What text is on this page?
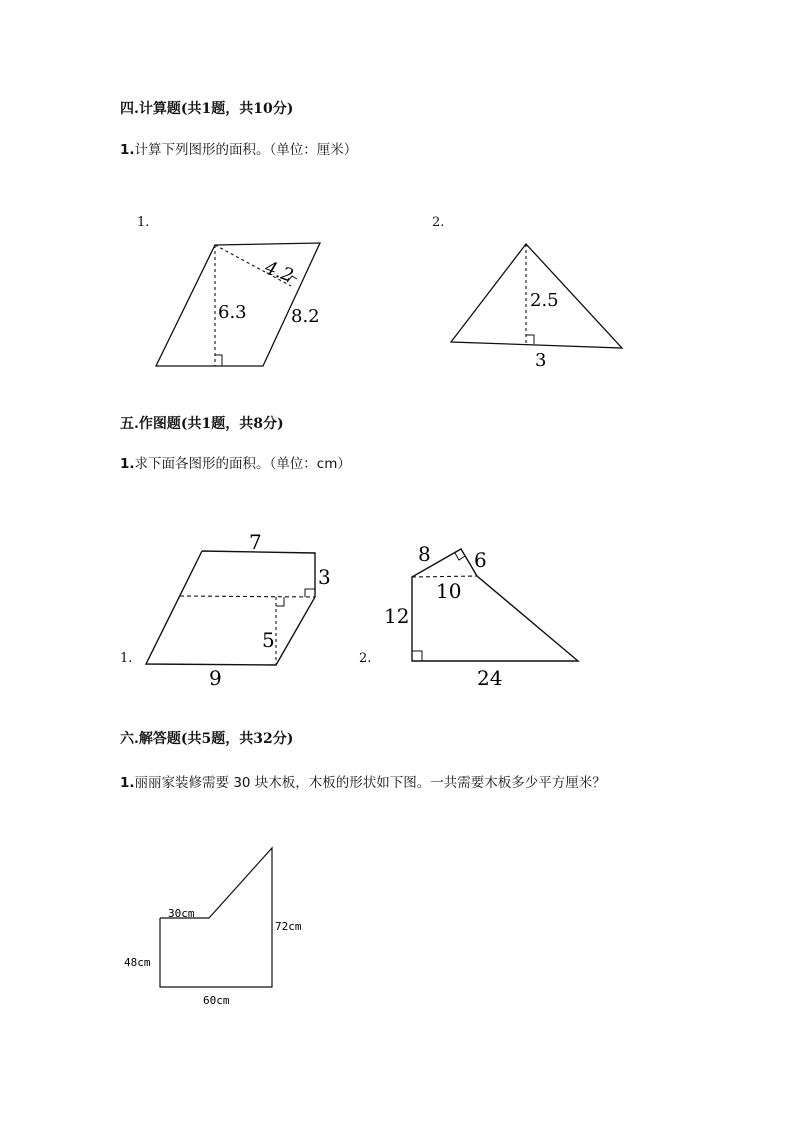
四.计算题(共1题，共10分)
1.计算下列图形的面积。（单位：厘米）
1.
4.2
6.3 8.2
2.
2.5
3
五.作图题(共1题，共8分)
1.求下面各图形的面积。（单位：cm）
1.
7
3
5
9
2.
8 6
10
12
24
六.解答题(共5题，共32分)
1.丽丽家装修需要 30 块木板，木板的形状如下图。一共需要木板多少平方厘米？
30cm
72cm
48cm
60cm
